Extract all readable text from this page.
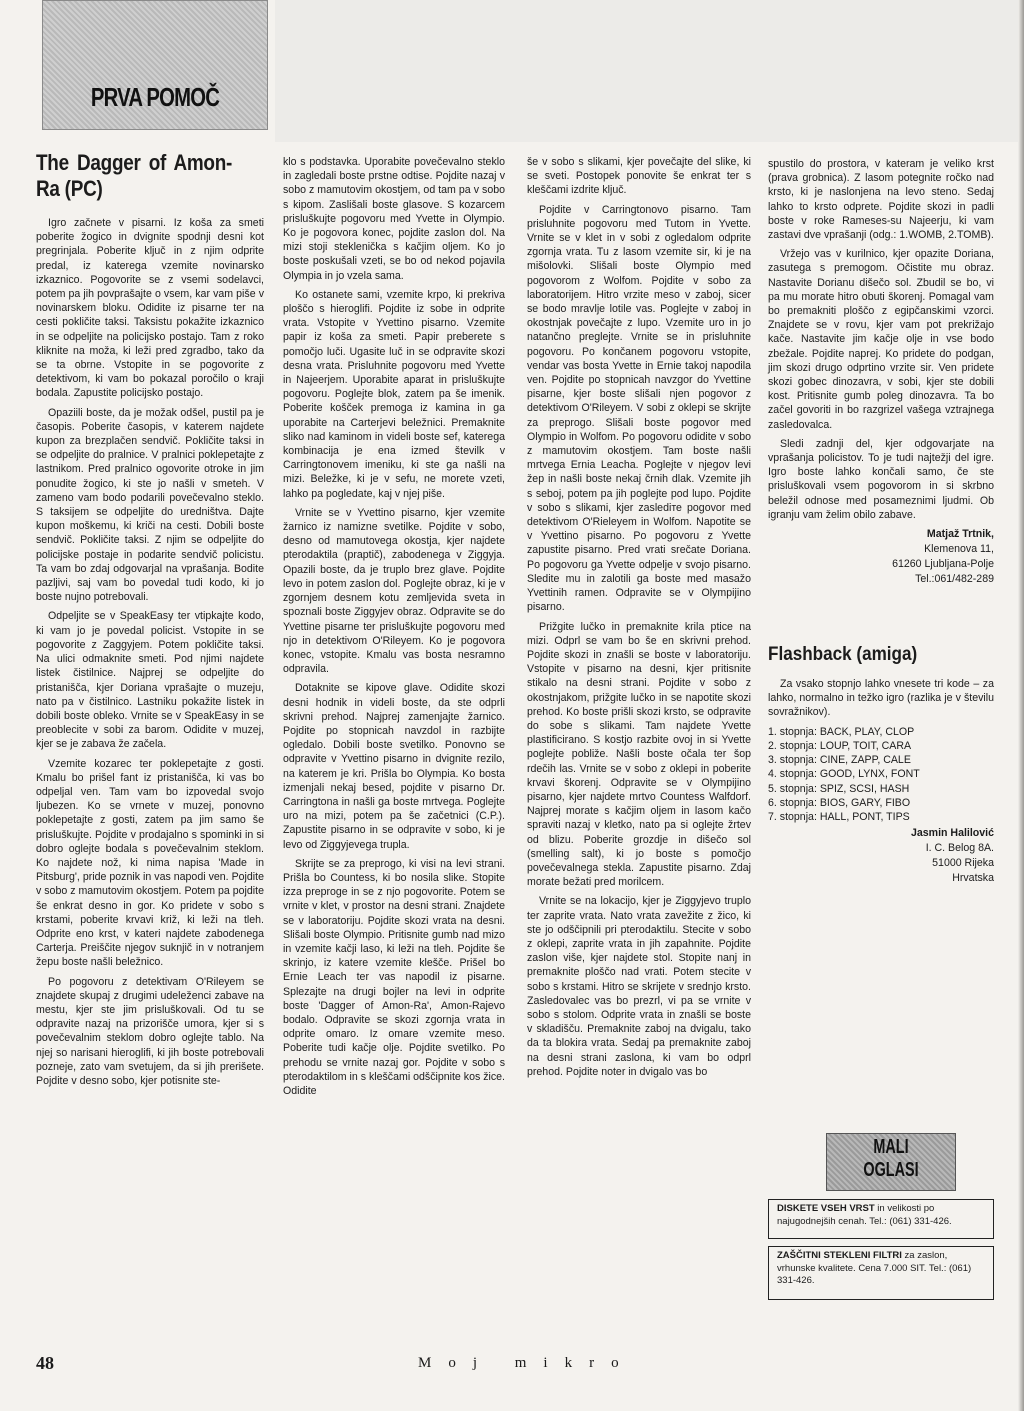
PRVA POMOČ
The Dagger of Amon-Ra (PC)

Igro začnete v pisarni. Iz koša za smeti poberite žogico in dvignite spodnji desni kot pregrinjala. Poberite ključ in z njim odprite predal, iz katerega vzemite novinarsko izkaznico. Pogovorite se z vsemi sodelavci, potem pa jih povprašajte o vsem, kar vam piše v novinarskem bloku. Odidite iz pisarne ter na cesti pokličite taksi. Taksistu pokažite izkaznico in se odpeljite na policijsko postajo. Tam z roko kliknite na moža, ki leži pred zgradbo, tako da se ta obrne. Vstopite in se pogovorite z detektivom, ki vam bo pokazal poročilo o kraji bodala. Zapustite policijsko postajo.

Opaziili boste, da je možak odšel, pustil pa je časopis. Poberite časopis, v katerem najdete kupon za brezplačen sendvič. Pokličite taksi in se odpeljite do pralnice. V pralnici poklepetajte z lastnikom. Pred pralnico ogovorite otroke in jim ponudite žogico, ki ste jo našli v smeteh. V zameno vam bodo podarili povečevalno steklo. S taksijem se odpeljite do uredništva. Dajte kupon moškemu, ki kriči na cesti. Dobili boste sendvič. Pokličite taksi. Z njim se odpeljite do policijske postaje in podarite sendvič policistu. Ta vam bo zdaj odgovarjal na vprašanja. Bodite pazljivi, saj vam bo povedal tudi kodo, ki jo boste nujno potrebovali.

Odpeljite se v SpeakEasy ter vtipkajte kodo, ki vam jo je povedal policist. Vstopite in se pogovorite z Zaggyjem. Potem pokličite taksi. Na ulici odmaknite smeti. Pod njimi najdete listek čistilnice. Najprej se odpeljite do pristanišča, kjer Doriana vprašajte o muzeju, nato pa v čistilnico. Lastniku pokažite listek in dobili boste obleko. Vrnite se v SpeakEasy in se preoblecite v sobi za barom. Odidite v muzej, kjer se je zabava že začela.

Vzemite kozarec ter poklepetajte z gosti. Kmalu bo prišel fant iz pristanišča, ki vas bo odpeljal ven. Tam vam bo izpovedal svojo ljubezen. Ko se vrnete v muzej, ponovno poklepetajte z gosti, zatem pa jim samo še prisluškujte. Pojdite v prodajalno s spominki in si dobro oglejte bodala s povečevalnim steklom. Ko najdete nož, ki nima napisa 'Made in Pitsburg', pride poznik in vas napodi ven. Pojdite v sobo z mamutovim okostjem. Potem pa pojdite še enkrat desno in gor. Ko pridete v sobo s krstami, poberite krvavi križ, ki leži na tleh. Odprite eno krst, v kateri najdete zabodenega Carterja. Preiščite njegov suknjič in v notranjem žepu boste našli beležnico.

Po pogovoru z detektivam O'Rileyem se znajdete skupaj z drugimi udeleženci zabave na mestu, kjer ste jim prisluškovali. Od tu se odpravite nazaj na prizorišče umora, kjer si s povečevalnim steklom dobro oglejte tablo. Na njej so narisani hieroglifi, ki jih boste potrebovali pozneje, zato vam svetujem, da si jih prerišete. Pojdite v desno sobo, kjer potisnite ste-

klo s podstavka. Uporabite povečevalno steklo in zagledali boste prstne odtise. Pojdite nazaj v sobo z mamutovim okostjem, od tam pa v sobo s kipom. Zaslišali boste glasove. S kozarcem prisluškujte pogovoru med Yvette in Olympio. Ko je pogovora konec, pojdite zaslon dol. Na mizi stoji stekleničkа s kačjim oljem. Ko jo boste poskušali vzeti, se bo od nekod pojavila Olympia in jo vzela sama.

Ko ostanete sami, vzemite krpo, ki prekriva ploščo s hieroglifi. Pojdite iz sobe in odprite vrata. Vstopite v Yvettino pisarno. Vzemite papir iz koša za smeti. Papir preberete s pomočjo luči. Ugasite luč in se odpravite skozi desna vrata. Prisluhnite pogovoru med Yvette in Najeerjem. Uporabite aparat in prisluškujte pogovoru. Poglejte blok, zatem pa še imenik. Poberite košček premoga iz kamina in ga uporabite na Carterjevi beležnici. Premaknite sliko nad kaminom in videli boste sef, katerega kombinacija je ena izmed številk v Carringtonovem imeniku, ki ste ga našli na mizi. Beležke, ki je v sefu, ne morete vzeti, lahko pa pogledate, kaj v njej piše.

Vrnite se v Yvettino pisarno, kjer vzemite žarnico iz namizne svetilke. Pojdite v sobo, desno od mamutovega okostja, kjer najdete pterodaktila (praptič), zabodenega v Ziggyja. Opazili boste, da je truplo brez glave. Pojdite levo in potem zaslon dol. Poglejte obraz, ki je v zgornjem desnem kotu zemljevida sveta in spoznali boste Ziggyjev obraz. Odpravite se do Yvettine pisarne ter prisluškujte pogovoru med njo in detektivom O'Rileyem. Ko je pogovora konec, vstopite. Kmalu vas bosta nesramno odpravila.

Dotaknite se kipove glave. Odidite skozi desni hodnik in videli boste, da ste odprli skrivni prehod. Najprej zamenjajte žarnico. Pojdite po stopnicah navzdol in razbijte ogledalo. Dobili boste svetilko. Ponovno se odpravite v Yvettino pisarno in dvignite rezilo, na katerem je kri. Prišla bo Olympia. Ko bosta izmenjali nekaj besed, pojdite v pisarno Dr. Carringtona in našli ga boste mrtvega. Poglejte uro na mizi, potem pa še začetnici (C.P.). Zapustite pisarno in se odpravite v sobo, ki je levo od Ziggyjevega trupla.

Skrijte se za preprogo, ki visi na levi strani. Prišla bo Countess, ki bo nosila slike. Stopite izza preproge in se z njo pogovorite. Potem se vrnite v klet, v prostor na desni strani. Znajdete se v laboratoriju. Pojdite skozi vrata na desni. Slišali boste Olympio. Pritisnite gumb nad mizo in vzemite kačji laso, ki leži na tleh. Pojdite še skrinjo, iz katere vzemite klešče. Prišel bo Ernie Leach ter vas napodil iz pisarne. Splezajte na drugi bojler na levi in odprite boste 'Dagger of Amon-Ra', Amon-Rajevo bodalo. Odpravite se skozi zgornja vrata in odprite omaro. Iz omare vzemite meso. Poberite tudi kačje olje. Pojdite svetilko. Po prehodu se vrnite nazaj gor. Pojdite v sobo s pterodaktilom in s kleščami odščipnite kos žice. Odidite

še v sobo s slikami, kjer povečajte del slike, ki se sveti. Postopek ponovite še enkrat ter s kleščami izdrite ključ.

Pojdite v Carringtonovo pisarno. Tam prisluhnite pogovoru med Tutom in Yvette. Vrnite se v klet in v sobi z ogledalom odprite zgornja vrata. Tu z lasom vzemite sir, ki je na mišolovki. Slišali boste Olympio med pogovorom z Wolfom. Pojdite v sobo za laboratorijem. Hitro vrzite meso v zaboj, sicer se bodo mravlje lotile vas. Poglejte v zaboj in okostnjak povečajte z lupo. Vzemite uro in jo natančno preglejte. Vrnite se in prisluhnite pogovoru. Po končanem pogovoru vstopite, vendar vas bosta Yvette in Ernie takoj napodila ven. Pojdite po stopnicah navzgor do Yvettine pisarne, kjer boste slišali njen pogovor z detektivom O'Rileyem. V sobi z oklepi se skrijte za preprogo. Slišali boste pogovor med Olympio in Wolfom. Po pogovoru odidite v sobo z mamutovim okostjem. Tam boste našli mrtvega Ernia Leacha. Poglejte v njegov levi žep in našli boste nekaj črnih dlak. Vzemite jih s seboj, potem pa jih poglejte pod lupo. Pojdite v sobo s slikami, kjer zaslediте pogovor med detektivom O'Rieleyem in Wolfom. Napotite se v Yvettino pisarno. Po pogovoru z Yvette zapustite pisarno. Pred vrati srečate Doriana. Po pogovoru ga Yvette odpelje v svojo pisarno. Sledite mu in zalotili ga boste med masažo Yvettinih ramen. Odpravite se v Olympijino pisarno.

Prižgite lučko in premaknite krila ptice na mizi. Odprl se vam bo še en skrivni prehod. Pojdite skozi in znašli se boste v laboratoriju. Vstopite v pisarno na desni, kjer pritisnite stikalo na desni strani. Pojdite v sobo z okostnjakom, prižgite lučko in se napotite skozi prehod. Ko boste prišli skozi krsto, se odpravite do sobe s slikami. Tam najdete Yvette plastificirano. S kostjo razbite ovoj in si Yvette poglejte pobliže. Našli boste očala ter šop rdečih las. Vrnite se v sobo z oklepi in poberite krvavi škorenj. Odpravite se v Olympijino pisarno, kjer najdete mrtvo Countess Walfdorf. Najprej morate s kačjim oljem in lasom kačo spraviti nazaj v kletko, nato pa si oglejte žrtev od blizu. Poberite grozdje in dišečo sol (smelling salt), ki jo boste s pomočjo povečevalnega stekla. Zapustite pisarno. Zdaj morate bežati pred morilcem.

Vrnite se na lokacijo, kjer je Ziggyjevo truplo ter zaprite vrata. Nato vrata zavežite z žico, ki ste jo odščipnili pri pterodaktilu. Stecite v sobo z oklepi, zaprite vrata in jih zapahnite. Pojdite zaslon više, kjer najdete stol. Stopite nanj in premaknite ploščo nad vrati. Potem stecite v sobo s krstami. Hitro se skrijete v srednjo krsto. Zasledovalec vas bo prezrl, vi pa se vrnite v sobo s stolom. Odprite vrata in znašli se boste v skladišču. Premaknite zaboj na dvigalu, tako da ta blokira vrata. Sedaj pa premaknite zaboj na desni strani zaslona, ki vam bo odprl prehod. Pojdite noter in dvigalo vas bo

spustilo do prostora, v kateram je veliko krst (prava grobnica). Z lasom potegnite ročko nad krsto, ki je naslonjena na levo steno. Sedaj lahko to krsto odprete. Pojdite skozi in padli boste v roke Rameses-su Najeerju, ki vam zastavi dve vprašanji (odg.: 1.WOMB, 2.TOMB).

Vržejo vas v kurilnico, kjer opazite Doriana, zasutega s premogom. Očistite mu obraz. Nastavite Dorianu dišečo sol. Zbudil se bo, vi pa mu morate hitro obuti škorenj. Pomagal vam bo premakniti ploščo z egipčanskimi vzorci. Znajdete se v rovu, kjer vam pot prekrižajo kače. Nastavite jim kačje olje in vse bodo zbežale. Pojdite naprej. Ko pridete do podgan, jim skozi drugo odprtino vrzite sir. Ven pridete skozi gobec dinozavra, v sobi, kjer ste dobili kost. Pritisnite gumb poleg dinozavra. Ta bo začel govoriti in bo razgrizel vašega vztrajnega zasledovalca.

Sledi zadnji del, kjer odgovarjate na vprašanja policistov. To je tudi najtežji del igre. Igro boste lahko končali samo, če ste prisluškovali vsem pogovorom in si skrbno beležil odnose med posameznimi ljudmi. Ob igranju vam želim obilo zabave.

Matjaž Trtnik,
Klemenova 11,
61260 Ljubljana-Polje
Tel.:061/482-289
Flashback (amiga)

Za vsako stopnjo lahko vnesete tri kode – za lahko, normalno in težko igro (razlika je v številu sovražnikov).

1. stopnja: BACK, PLAY, CLOP
2. stopnja: LOUP, TOIT, CARA
3. stopnja: CINE, ZAPP, CALE
4. stopnja: GOOD, LYNX, FONT
5. stopnja: SPIZ, SCSI, HASH
6. stopnja: BIOS, GARY, FIBO
7. stopnja: HALL, PONT, TIPS
Jasmin Halilović
I. C. Belog 8A.
51000 Rijeka
Hrvatska
MALI OGLASI
DISKETE VSEH VRST in velikosti po najugodnejših cenah. Tel.: (061) 331-426.
ZAŠČITNI STEKLENI FILTRI za zaslon, vrhunske kvalitete. Cena 7.000 SIT. Tel.: (061) 331-426.
48	Moj mikro
